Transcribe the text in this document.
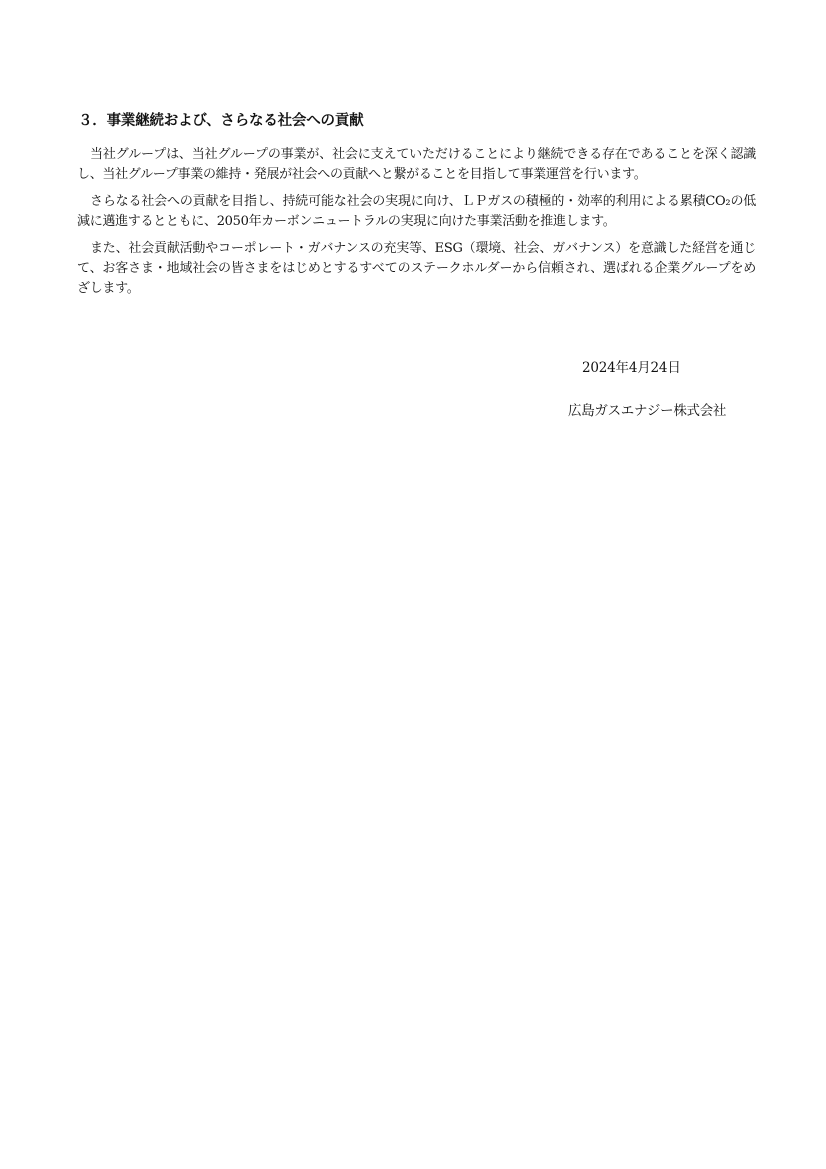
３．事業継続および、さらなる社会への貢献

当社グループは、当社グループの事業が、社会に支えていただけることにより継続できる存在であることを深く認識し、当社グループ事業の維持・発展が社会への貢献へと繋がることを目指して事業運営を行います。

さらなる社会への貢献を目指し、持続可能な社会の実現に向け、ＬＰガスの積極的・効率的利用による累積CO₂の低減に邁進するとともに、2050年カーボンニュートラルの実現に向けた事業活動を推進します。

また、社会貢献活動やコーポレート・ガバナンスの充実等、ESG（環境、社会、ガバナンス）を意識した経営を通じて、お客さま・地域社会の皆さまをはじめとするすべてのステークホルダーから信頼され、選ばれる企業グループをめざします。

2024年4月24日
広島ガスエナジー株式会社
